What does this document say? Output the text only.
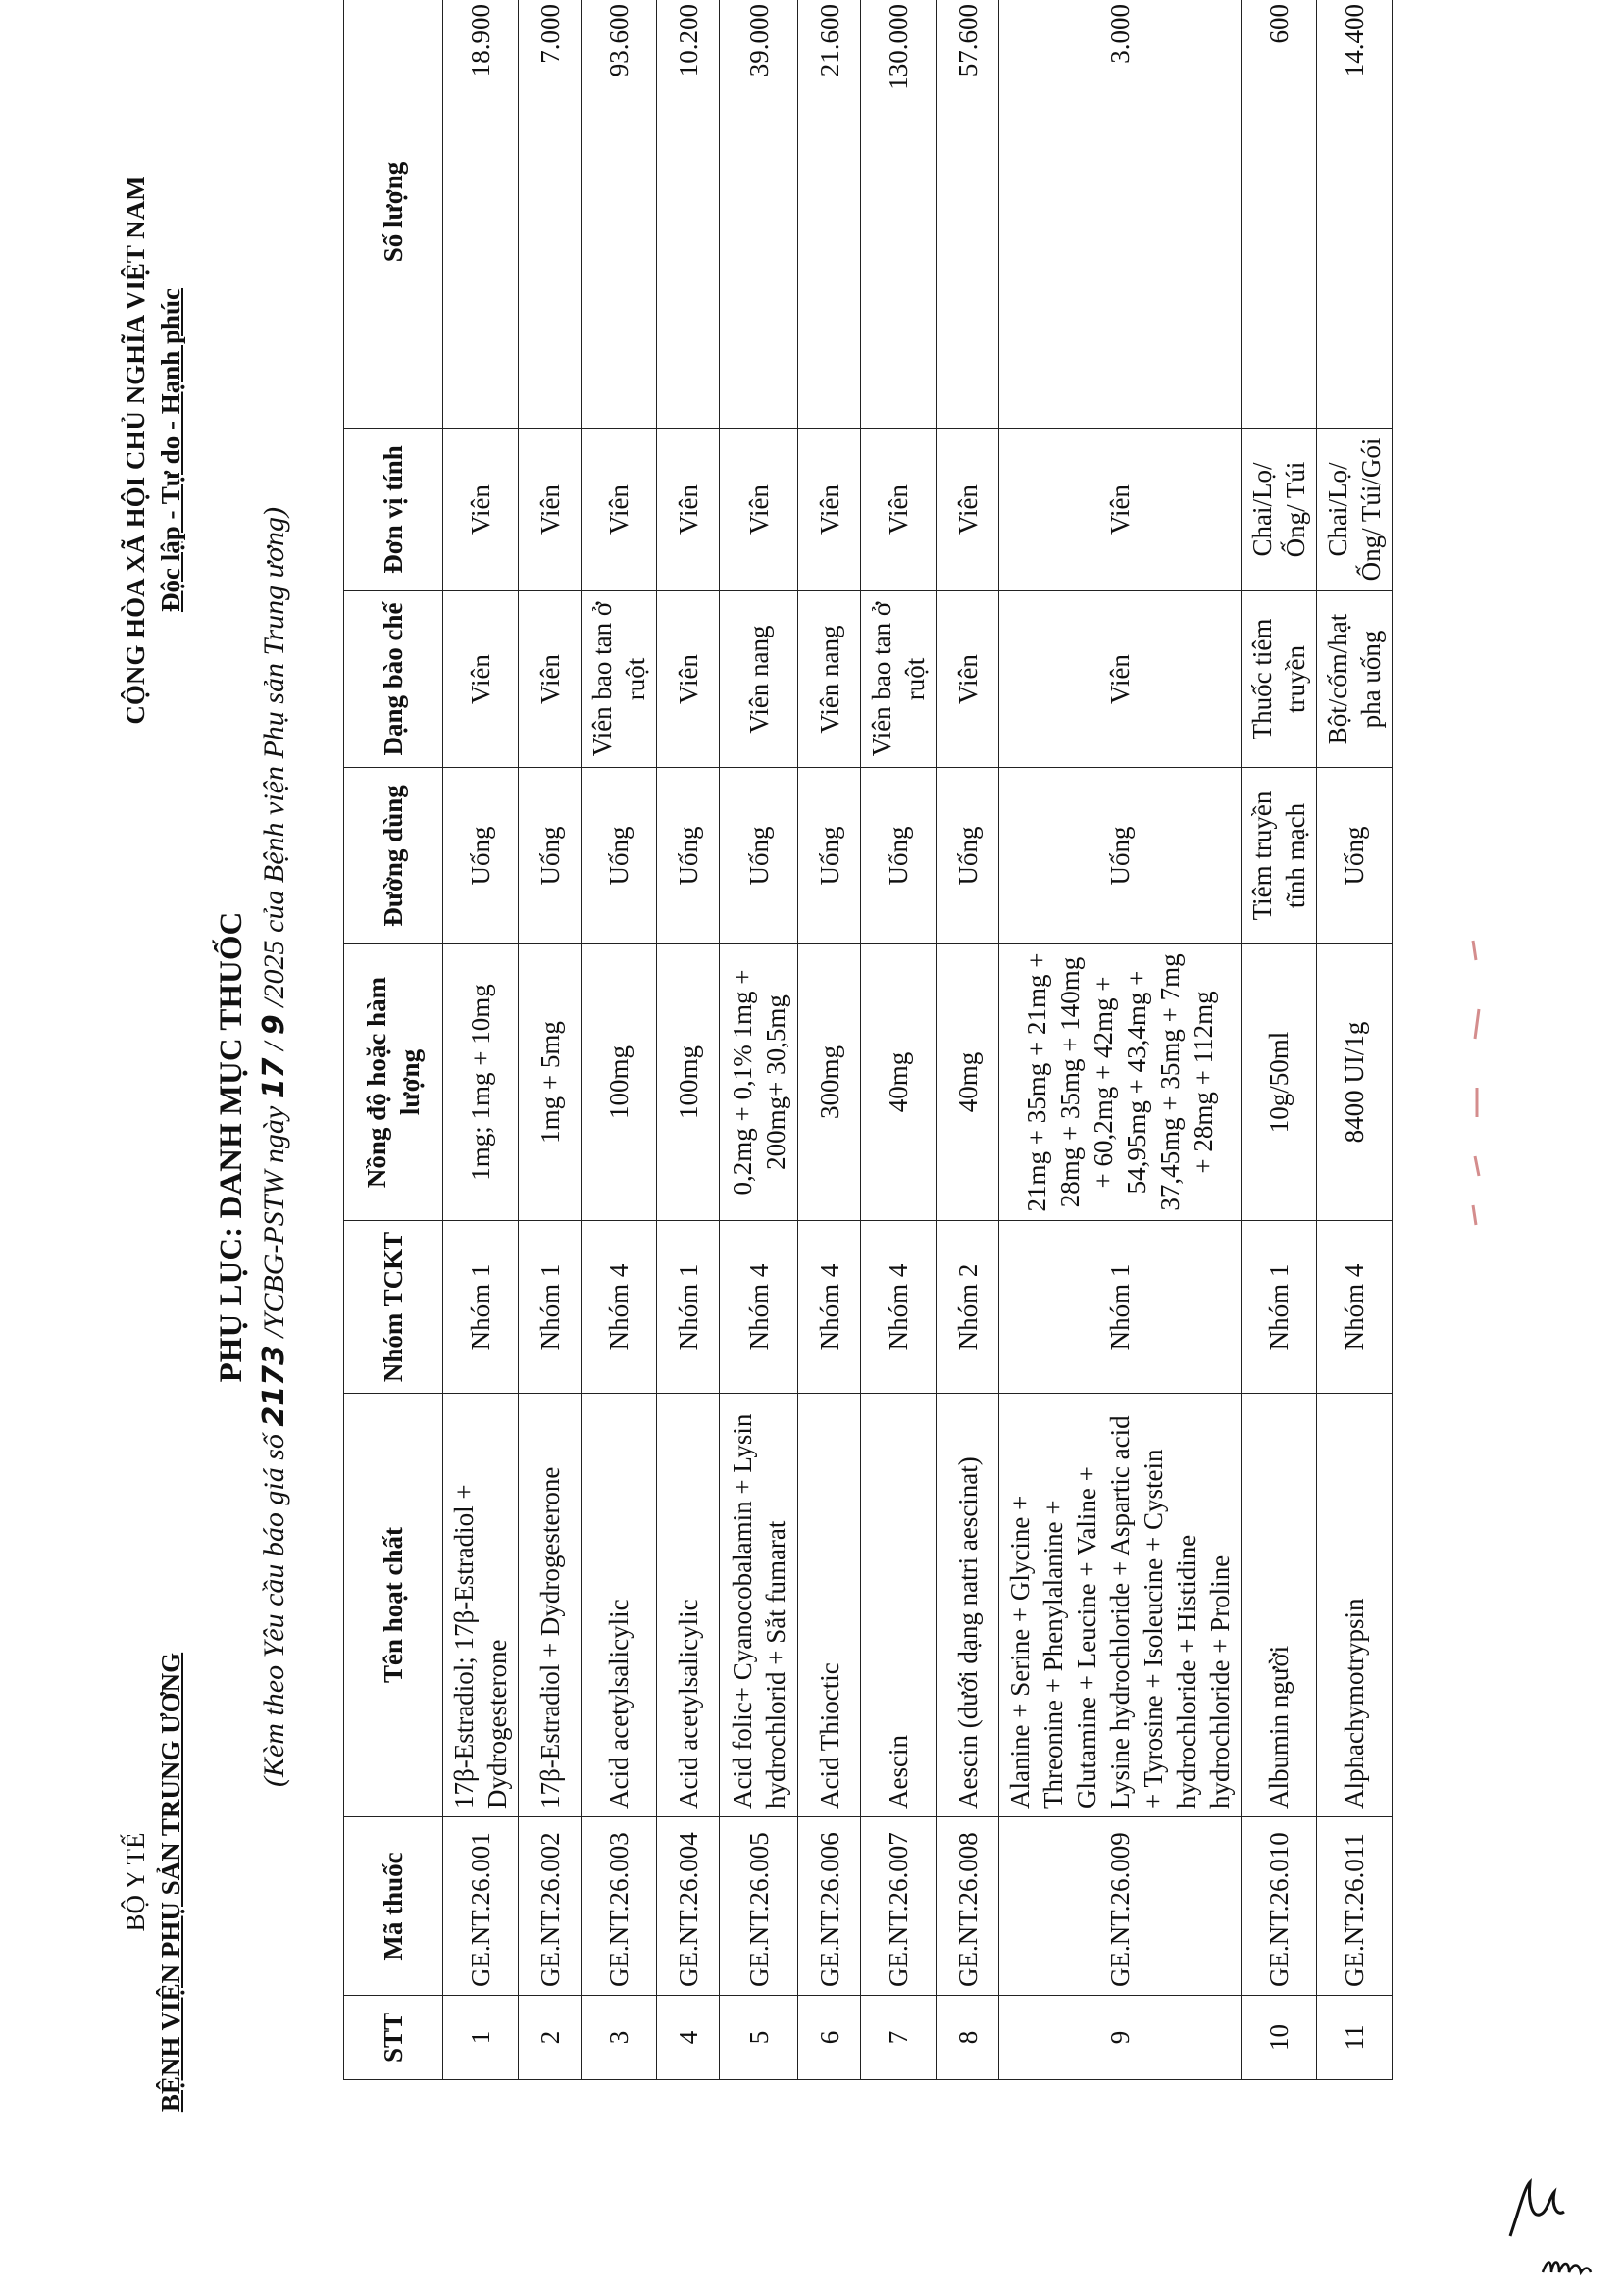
BỘ Y TẾ BỆNH VIỆN PHỤ SẢN TRUNG ƯƠNG
CỘNG HÒA XÃ HỘI CHỦ NGHĨA VIỆT NAM Độc lập - Tự do - Hạnh phúc
PHỤ LỤC: DANH MỤC THUỐC
(Kèm theo Yêu cầu báo giá số 2173 /YCBG-PSTW ngày 17 / 9 /2025 của Bệnh viện Phụ sản Trung ương)
STT	Mã thuốc	Tên hoạt chất	Nhóm TCKT	Nồng độ hoặc hàm lượng	Đường dùng	Dạng bào chế	Đơn vị tính	Số lượng
1	GE.NT.26.001	17β-Estradiol; 17β-Estradiol + Dydrogesterone	Nhóm 1	1mg; 1mg + 10mg	Uống	Viên	Viên	18.900
2	GE.NT.26.002	17β-Estradiol + Dydrogesterone	Nhóm 1	1mg + 5mg	Uống	Viên	Viên	7.000
3	GE.NT.26.003	Acid acetylsalicylic	Nhóm 4	100mg	Uống	Viên bao tan ở ruột	Viên	93.600
4	GE.NT.26.004	Acid acetylsalicylic	Nhóm 1	100mg	Uống	Viên	Viên	10.200
5	GE.NT.26.005	Acid folic+ Cyanocobalamin + Lysin hydrochlorid + Sắt fumarat	Nhóm 4	0,2mg + 0,1% 1mg + 200mg+ 30,5mg	Uống	Viên nang	Viên	39.000
6	GE.NT.26.006	Acid Thioctic	Nhóm 4	300mg	Uống	Viên nang	Viên	21.600
7	GE.NT.26.007	Aescin	Nhóm 4	40mg	Uống	Viên bao tan ở ruột	Viên	130.000
8	GE.NT.26.008	Aescin (dưới dạng natri aescinat)	Nhóm 2	40mg	Uống	Viên	Viên	57.600
9	GE.NT.26.009	Alanine + Serine + Glycine + Threonine + Phenylalanine + Glutamine + Leucine + Valine + Lysine hydrochloride + Aspartic acid + Tyrosine + Isoleucine + Cystein hydrochloride + Histidine hydrochloride + Proline	Nhóm 1	21mg + 35mg + 21mg + 28mg + 35mg + 140mg + 60,2mg + 42mg + 54,95mg + 43,4mg + 37,45mg + 35mg + 7mg + 28mg + 112mg	Uống	Viên	Viên	3.000
10	GE.NT.26.010	Albumin người	Nhóm 1	10g/50ml	Tiêm truyền tĩnh mạch	Thuốc tiêm truyền	Chai/Lọ/Ống/ Túi	600
11	GE.NT.26.011	Alphachymotrypsin	Nhóm 4	8400 UI/1g	Uống	Bột/cốm/hạt pha uống	Chai/Lọ/Ống/ Túi/Gói	14.400
